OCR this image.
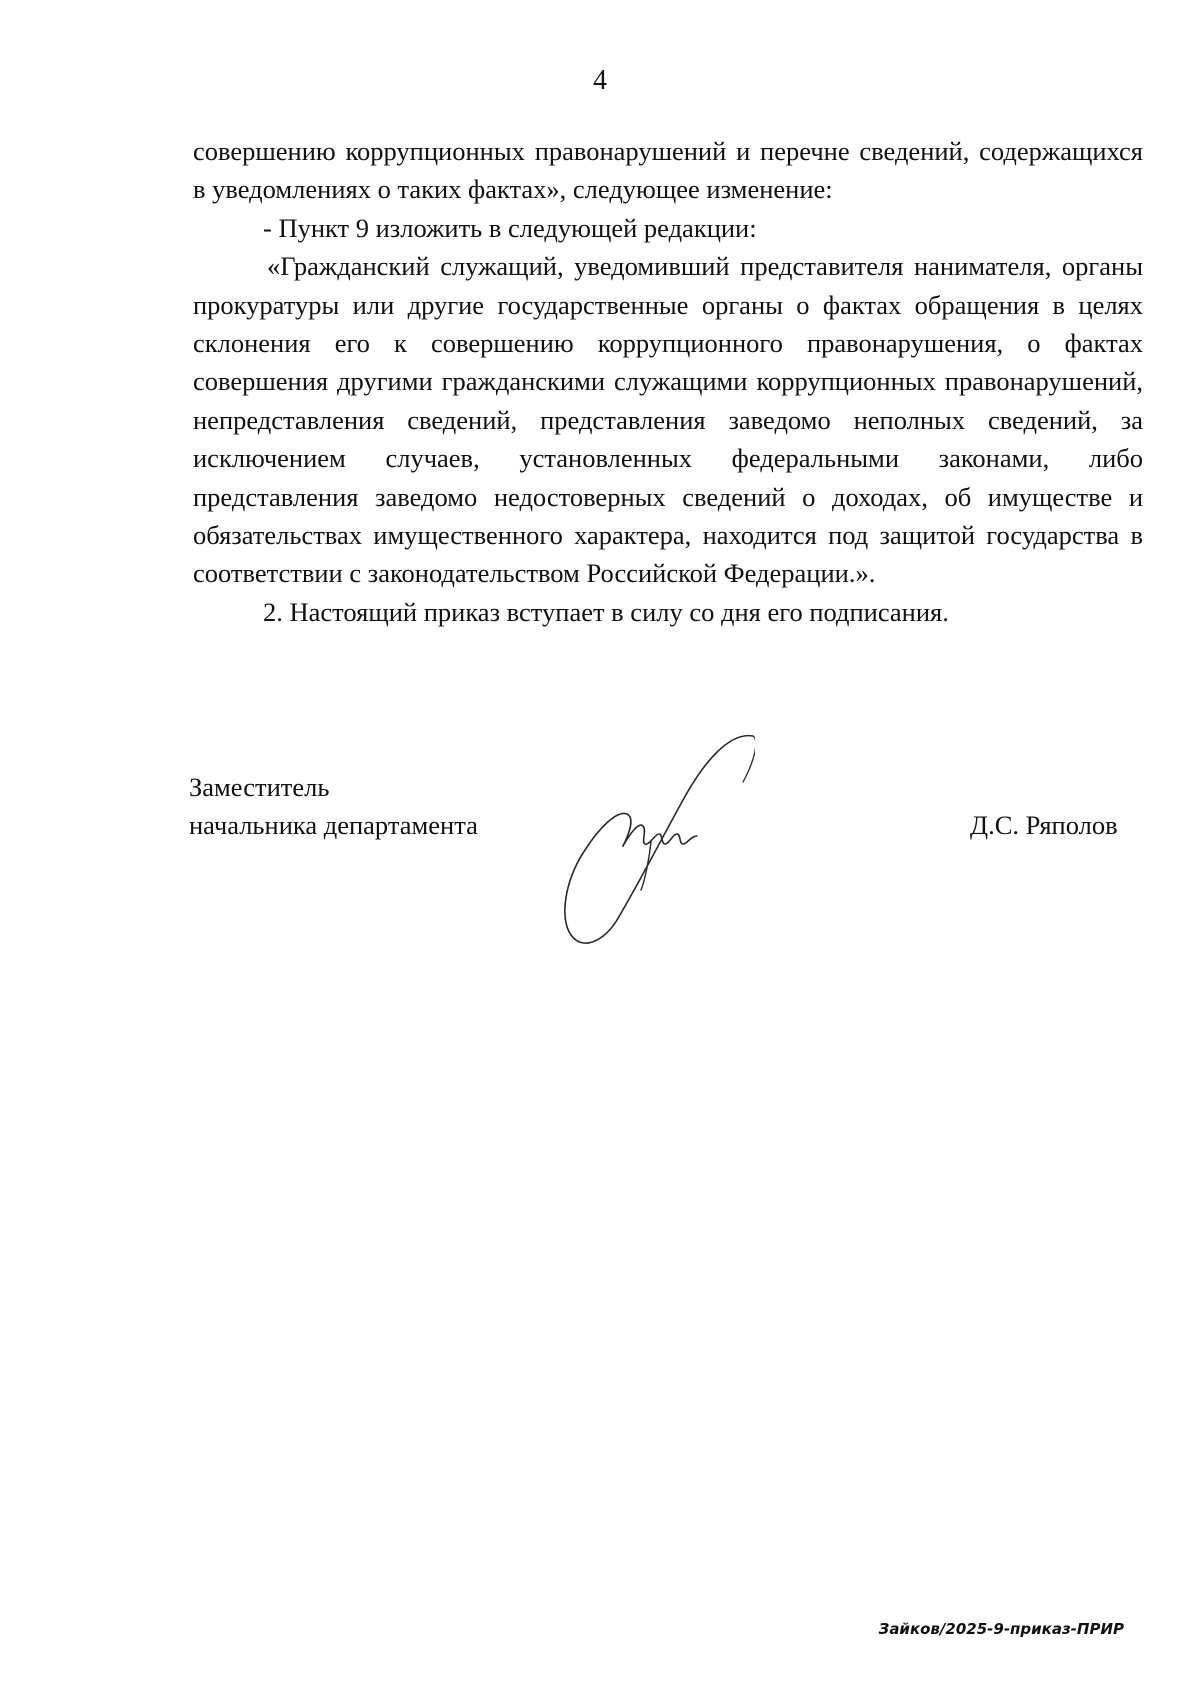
4

совершению коррупционных правонарушений и перечне сведений, содержащихся в уведомлениях о таких фактах», следующее изменение:

- Пункт 9 изложить в следующей редакции:

«Гражданский служащий, уведомивший представителя нанимателя, органы прокуратуры или другие государственные органы о фактах обращения в целях склонения его к совершению коррупционного правонарушения, о фактах совершения другими гражданскими служащими коррупционных правонарушений, непредставления сведений, представления заведомо неполных сведений, за исключением случаев, установленных федеральными законами, либо представления заведомо недостоверных сведений о доходах, об имуществе и обязательствах имущественного характера, находится под защитой государства в соответствии с законодательством Российской Федерации.».

2. Настоящий приказ вступает в силу со дня его подписания.

Заместитель
начальника департамента	Д.С. Ряполов
Зайков/2025-9-приказ-ПРИР
